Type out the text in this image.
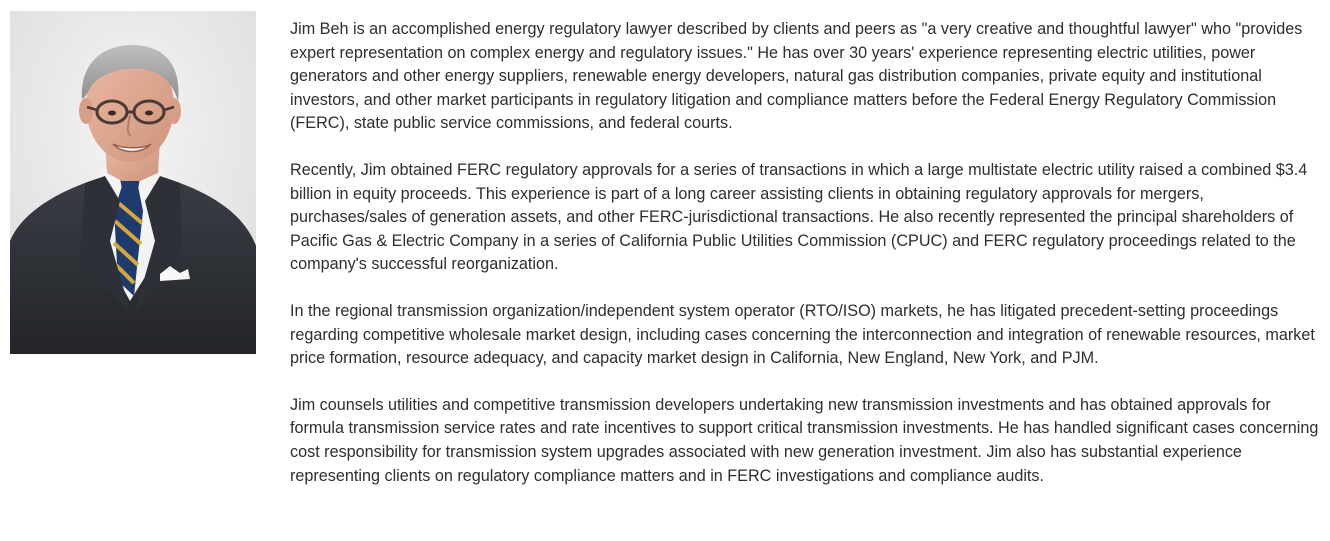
Jim Beh is an accomplished energy regulatory lawyer described by clients and peers as "a very creative and thoughtful lawyer" who "provides expert representation on complex energy and regulatory issues." He has over 30 years' experience representing electric utilities, power generators and other energy suppliers, renewable energy developers, natural gas distribution companies, private equity and institutional investors, and other market participants in regulatory litigation and compliance matters before the Federal Energy Regulatory Commission (FERC), state public service commissions, and federal courts.

Recently, Jim obtained FERC regulatory approvals for a series of transactions in which a large multistate electric utility raised a combined $3.4 billion in equity proceeds. This experience is part of a long career assisting clients in obtaining regulatory approvals for mergers, purchases/sales of generation assets, and other FERC-jurisdictional transactions. He also recently represented the principal shareholders of Pacific Gas & Electric Company in a series of California Public Utilities Commission (CPUC) and FERC regulatory proceedings related to the company's successful reorganization.

In the regional transmission organization/independent system operator (RTO/ISO) markets, he has litigated precedent-setting proceedings regarding competitive wholesale market design, including cases concerning the interconnection and integration of renewable resources, market price formation, resource adequacy, and capacity market design in California, New England, New York, and PJM.

Jim counsels utilities and competitive transmission developers undertaking new transmission investments and has obtained approvals for formula transmission service rates and rate incentives to support critical transmission investments. He has handled significant cases concerning cost responsibility for transmission system upgrades associated with new generation investment. Jim also has substantial experience representing clients on regulatory compliance matters and in FERC investigations and compliance audits.
